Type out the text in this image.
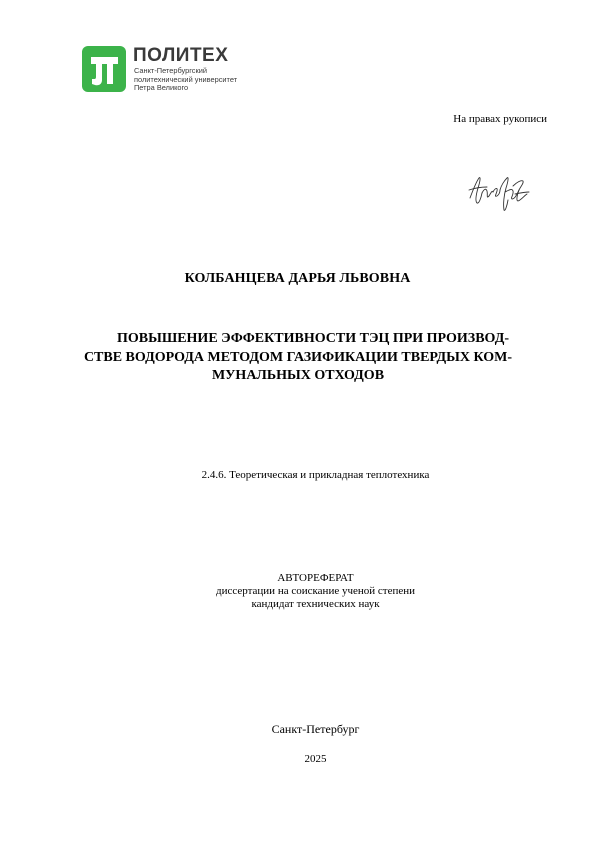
ПОЛИТЕХ
Санкт-Петербургский
политехнический университет
Петра Великого
На правах рукописи
КОЛБАНЦЕВА ДАРЬЯ ЛЬВОВНА
ПОВЫШЕНИЕ ЭФФЕКТИВНОСТИ ТЭЦ ПРИ ПРОИЗВОД-
СТВЕ ВОДОРОДА МЕТОДОМ ГАЗИФИКАЦИИ ТВЕРДЫХ КОМ-
МУНАЛЬНЫХ ОТХОДОВ
2.4.6. Теоретическая и прикладная теплотехника
АВТОРЕФЕРАТ
диссертации на соискание ученой степени
кандидат технических наук
Санкт-Петербург
2025
